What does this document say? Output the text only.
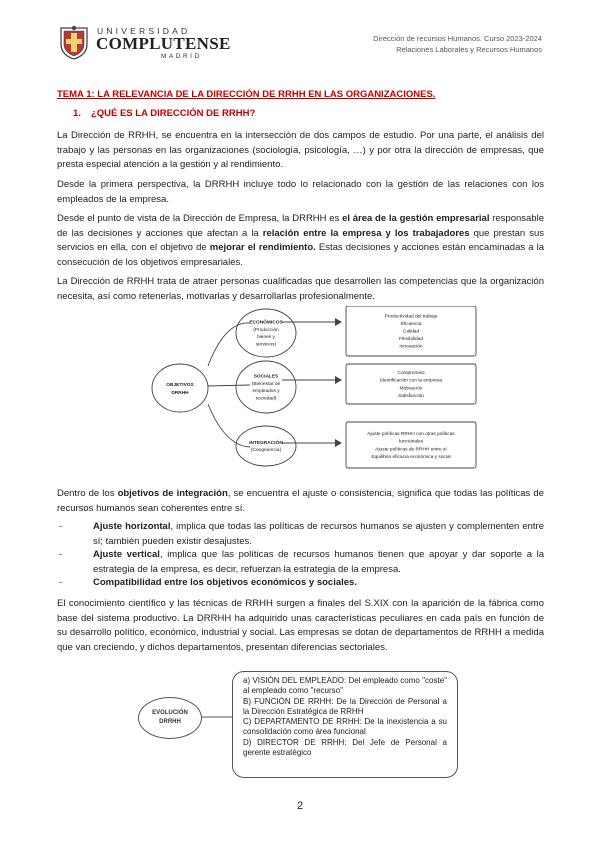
UNIVERSIDAD
COMPLUTENSE
MADRID
Dirección de recursos Humanos. Curso 2023-2024
Relaciones Laborales y Recursos Humanos
TEMA 1: LA RELEVANCIA DE LA DIRECCIÓN DE RRHH EN LAS ORGANIZACIONES.
1. ¿QUÉ ES LA DIRECCIÓN DE RRHH?
La Dirección de RRHH, se encuentra en la intersección de dos campos de estudio. Por una parte, el análisis del trabajo y las personas en las organizaciones (sociología, psicología, …) y por otra la dirección de empresas, que presta especial atención a la gestión y al rendimiento.
Desde la primera perspectiva, la DRRHH incluye todo lo relacionado con la gestión de las relaciones con los empleados de la empresa.
Desde el punto de vista de la Dirección de Empresa, la DRRHH es el área de la gestión empresarial responsable de las decisiones y acciones que afectan a la relación entre la empresa y los trabajadores que prestan sus servicios en ella, con el objetivo de mejorar el rendimiento. Estas decisiones y acciones están encaminadas a la consecución de los objetivos empresariales.
La Dirección de RRHH trata de atraer personas cualificadas que desarrollen las competencias que la organización necesita, así como retenerlas, motivarlas y desarrollarlas profesionalmente.
OBJETIVOS
DRRHH
ECONÓMICOS
(Producción
bienes y
servicios)
Productividad del trabajo
Eficiencia
Calidad
Flexibilidad
Innovación
SOCIALES
(Bienestar de
empleados y
sociedad)
Compromiso
Identificación con la empresa
Motivación
Satisfacción
INTEGRACIÓN
(Congruencia)
Ajuste políticas RRHH con otras políticas
funcionales
Ajuste políticas de RRHH entre sí
Equilibrio eficacia económica y social
Dentro de los objetivos de integración, se encuentra el ajuste o consistencia, significa que todas las políticas de recursos humanos sean coherentes entre sí.
-	Ajuste horizontal, implica que todas las políticas de recursos humanos se ajusten y complementen entre sí; también pueden existir desajustes.
-	Ajuste vertical, implica que las políticas de recursos humanos tienen que apoyar y dar soporte a la estrategia de la empresa, es decir, refuerzan la estrategia de la empresa.
-	Compatibilidad entre los objetivos económicos y sociales.
El conocimiento científico y las técnicas de RRHH surgen a finales del S.XIX con la aparición de la fábrica como base del sistema productivo. La DRRHH ha adquirido unas características peculiares en cada país en función de su desarrollo político, económico, industrial y social. Las empresas se dotan de departamentos de RRHH a medida que van creciendo, y dichos departamentos, presentan diferencias sectoriales.
EVOLUCIÓN
DRRHH

a) VISIÓN DEL EMPLEADO: Del empleado como "coste" al empleado como "recurso"

B) FUNCIÓN DE RRHH: De la Dirección de Personal a la Dirección Estratégica de RRHH

C) DEPARTAMENTO DE RRHH: De la inexistencia a su consolidación como área funcional

D) DIRECTOR DE RRHH: Del Jefe de Personal a gerente estratégico

2
